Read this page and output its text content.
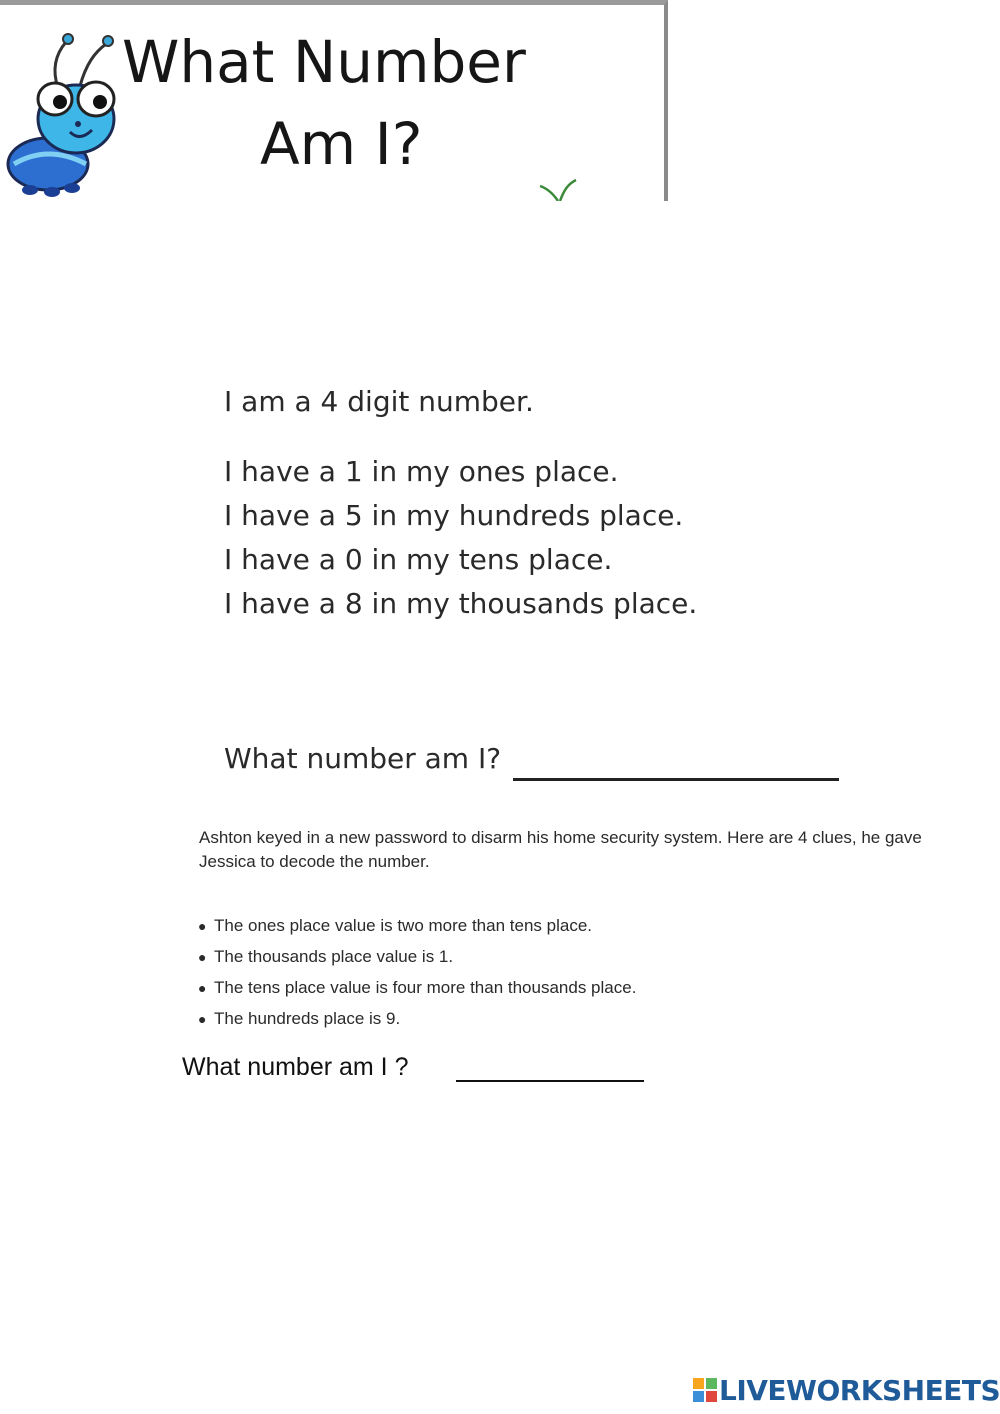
What Number
Am I?
I am a 4 digit number.
I have a 1 in my ones place.
I have a 5 in my hundreds place.
I have a 0 in my tens place.
I have a 8 in my thousands place.
What number am I?
Ashton keyed in a new password to disarm his home security system. Here are 4 clues, he gave Jessica to decode the number.
● The ones place value is two more than tens place.
● The thousands place value is 1.
● The tens place value is four more than thousands place.
● The hundreds place is 9.
What number am I ?
LIVEWORKSHEETS
